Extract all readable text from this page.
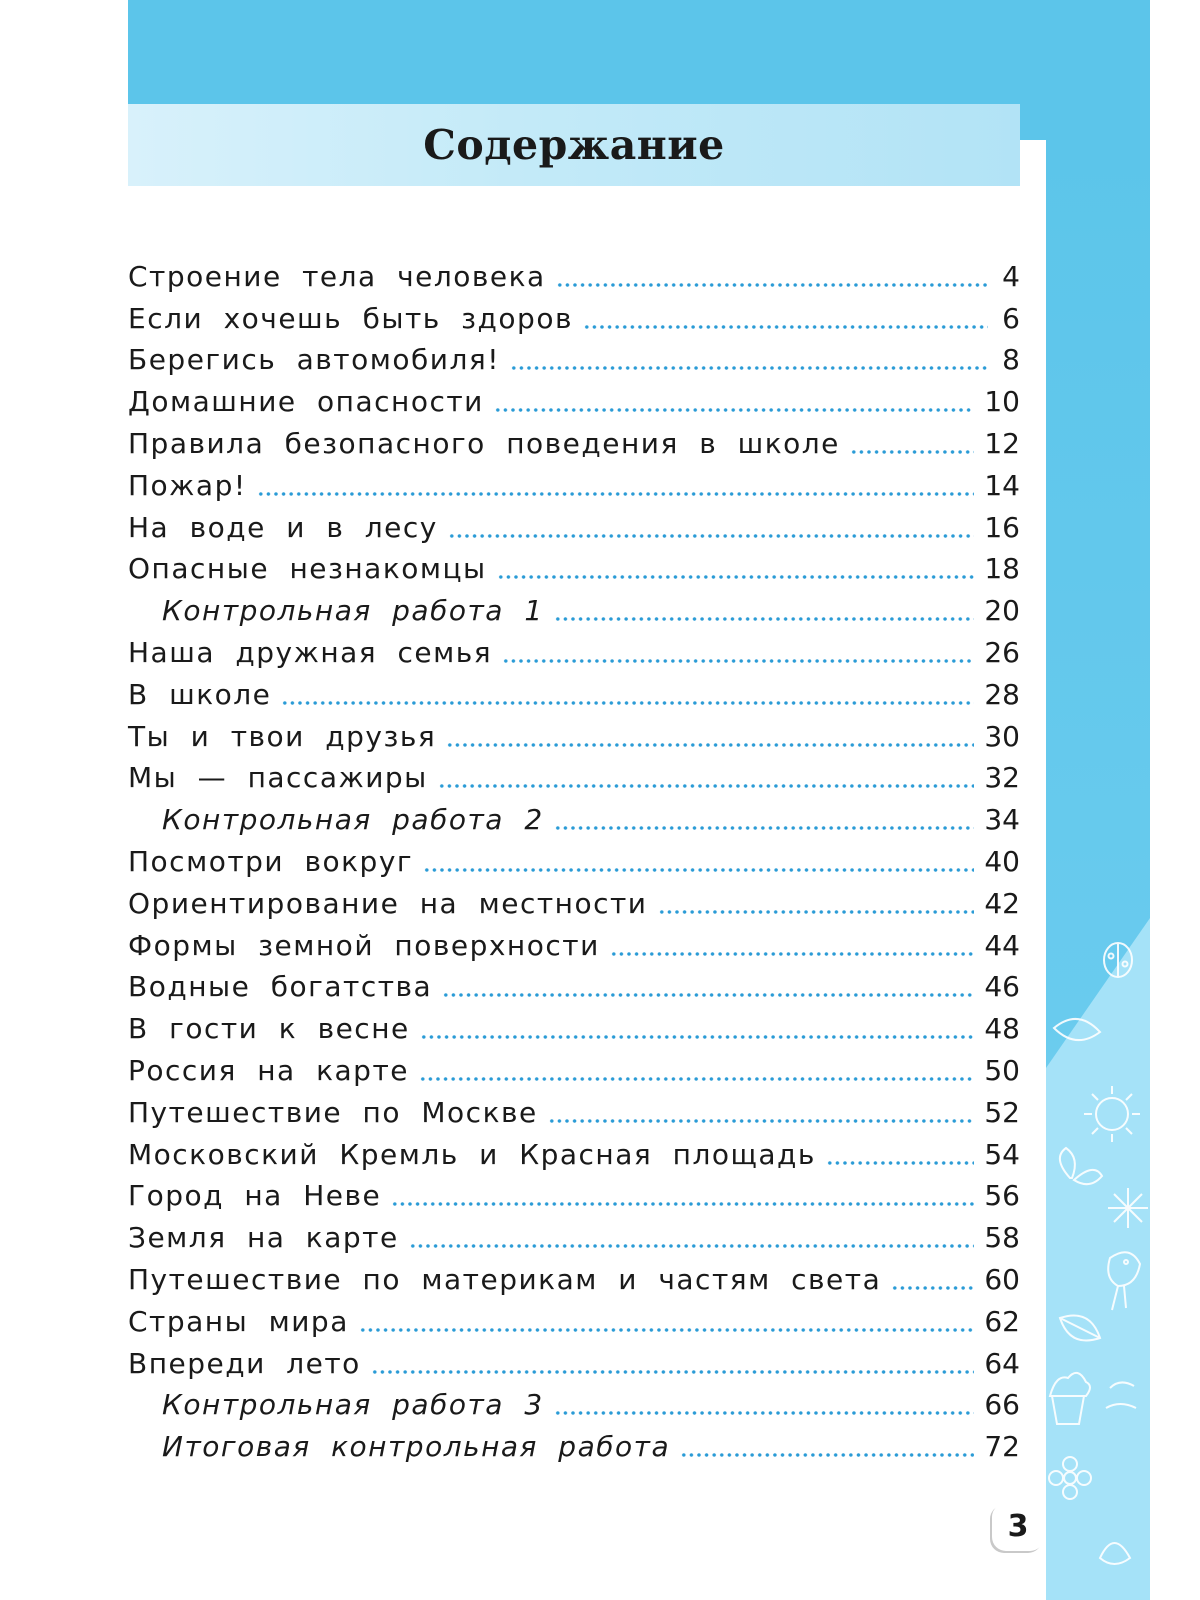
Содержание
Строение тела человека	4
Если хочешь быть здоров	6
Берегись автомобиля!	8
Домашние опасности	10
Правила безопасного поведения в школе	12
Пожар!	14
На воде и в лесу	16
Опасные незнакомцы	18
Контрольная работа 1	20
Наша дружная семья	26
В школе	28
Ты и твои друзья	30
Мы — пассажиры	32
Контрольная работа 2	34
Посмотри вокруг	40
Ориентирование на местности	42
Формы земной поверхности	44
Водные богатства	46
В гости к весне	48
Россия на карте	50
Путешествие по Москве	52
Московский Кремль и Красная площадь	54
Город на Неве	56
Земля на карте	58
Путешествие по материкам и частям света	60
Страны мира	62
Впереди лето	64
Контрольная работа 3	66
Итоговая контрольная работа	72
3
